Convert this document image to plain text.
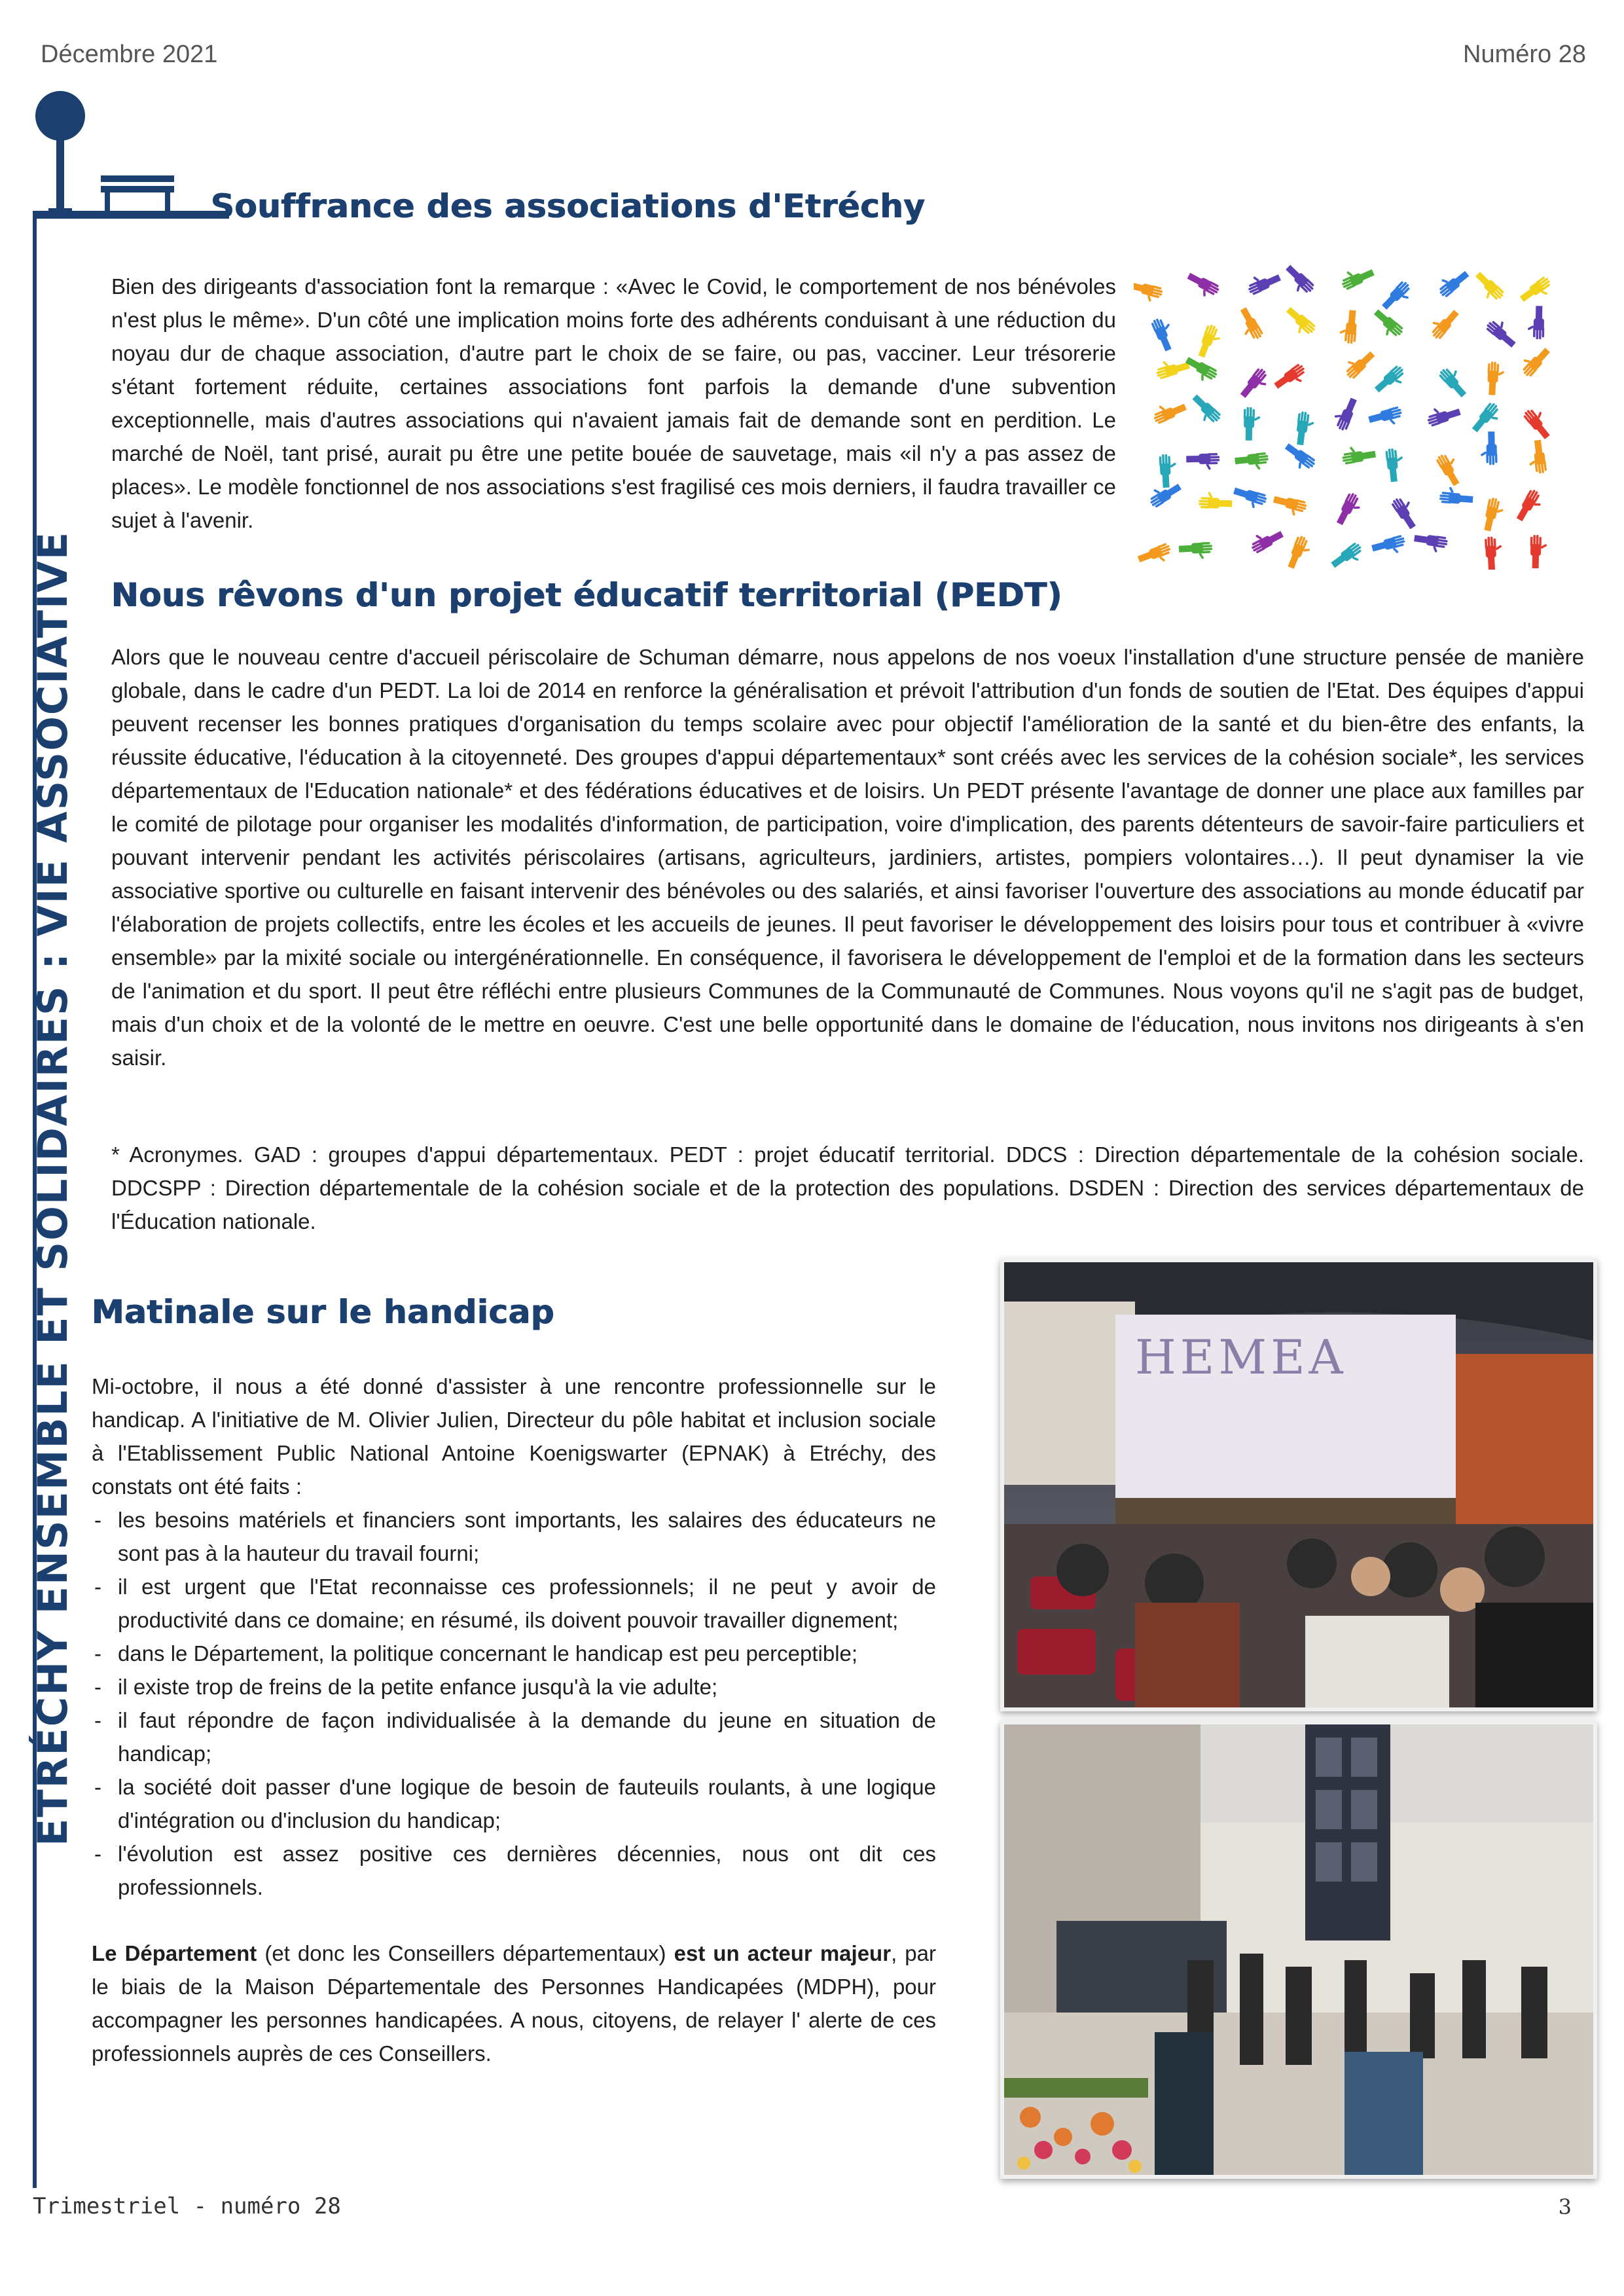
Décembre 2021	Numéro 28
ETRÉCHY ENSEMBLE ET SOLIDAIRES : VIE ASSOCIATIVE
Souffrance des associations d'Etréchy

Bien des dirigeants d'association font la remarque : «Avec le Covid, le comportement de nos bénévoles n'est plus le même». D'un côté une implication moins forte des adhérents conduisant à une réduction du noyau dur de chaque association, d'autre part le choix de se faire, ou pas, vacciner. Leur trésorerie s'étant fortement réduite, certaines associations font parfois la demande d'une subvention exceptionnelle, mais d'autres associations qui n'avaient jamais fait de demande sont en perdition. Le marché de Noël, tant prisé, aurait pu être une petite bouée de sauvetage, mais «il n'y a pas assez de places». Le modèle fonctionnel de nos associations s'est fragilisé ces mois derniers, il faudra travailler ce sujet à l'avenir.

Nous rêvons d'un projet éducatif territorial (PEDT)

Alors que le nouveau centre d'accueil périscolaire de Schuman démarre, nous appelons de nos voeux l'installation d'une structure pensée de manière globale, dans le cadre d'un PEDT. La loi de 2014 en renforce la généralisation et prévoit l'attribution d'un fonds de soutien de l'Etat. Des équipes d'appui peuvent recenser les bonnes pratiques d'organisation du temps scolaire avec pour objectif l'amélioration de la santé et du bien-être des enfants, la réussite éducative, l'éducation à la citoyenneté. Des groupes d'appui départementaux* sont créés avec les services de la cohésion sociale*, les services départementaux de l'Education nationale* et des fédérations éducatives et de loisirs. Un PEDT présente l'avantage de donner une place aux familles par le comité de pilotage pour organiser les modalités d'information, de participation, voire d'implication, des parents détenteurs de savoir-faire particuliers et pouvant intervenir pendant les activités périscolaires (artisans, agriculteurs, jardiniers, artistes, pompiers volontaires…). Il peut dynamiser la vie associative sportive ou culturelle en faisant intervenir des bénévoles ou des salariés, et ainsi favoriser l'ouverture des associations au monde éducatif par l'élaboration de projets collectifs, entre les écoles et les accueils de jeunes. Il peut favoriser le développement des loisirs pour tous et contribuer à «vivre ensemble» par la mixité sociale ou intergénérationnelle. En conséquence, il favorisera le développement de l'emploi et de la formation dans les secteurs de l'animation et du sport. Il peut être réfléchi entre plusieurs Communes de la Communauté de Communes. Nous voyons qu'il ne s'agit pas de budget, mais d'un choix et de la volonté de le mettre en oeuvre. C'est une belle opportunité dans le domaine de l'éducation, nous invitons nos dirigeants à s'en saisir.

* Acronymes. GAD : groupes d'appui départementaux. PEDT : projet éducatif territorial. DDCS : Direction départementale de la cohésion sociale. DDCSPP : Direction départementale de la cohésion sociale et de la protection des populations. DSDEN : Direction des services départementaux de l'Éducation nationale.

Matinale sur le handicap

Mi-octobre, il nous a été donné d'assister à une rencontre professionnelle sur le handicap. A l'initiative de M. Olivier Julien, Directeur du pôle habitat et inclusion sociale à l'Etablissement Public National Antoine Koenigswarter (EPNAK) à Etréchy, des constats ont été faits :

- les besoins matériels et financiers sont importants, les salaires des éducateurs ne sont pas à la hauteur du travail fourni;
- il est urgent que l'Etat reconnaisse ces professionnels; il ne peut y avoir de productivité dans ce domaine; en résumé, ils doivent pouvoir travailler dignement;
- dans le Département, la politique concernant le handicap est peu perceptible;
- il existe trop de freins de la petite enfance jusqu'à la vie adulte;
- il faut répondre de façon individualisée à la demande du jeune en situation de handicap;
- la société doit passer d'une logique de besoin de fauteuils roulants, à une logique d'intégration ou d'inclusion du handicap;
- l'évolution est assez positive ces dernières décennies, nous ont dit ces professionnels.

Le Département (et donc les Conseillers départementaux) est un acteur majeur, par le biais de la Maison Départementale des Personnes Handicapées (MDPH), pour accompagner les personnes handicapées. A nous, citoyens, de relayer l' alerte de ces professionnels auprès de ces Conseillers.

HEMEA
Trimestriel - numéro 28	3
